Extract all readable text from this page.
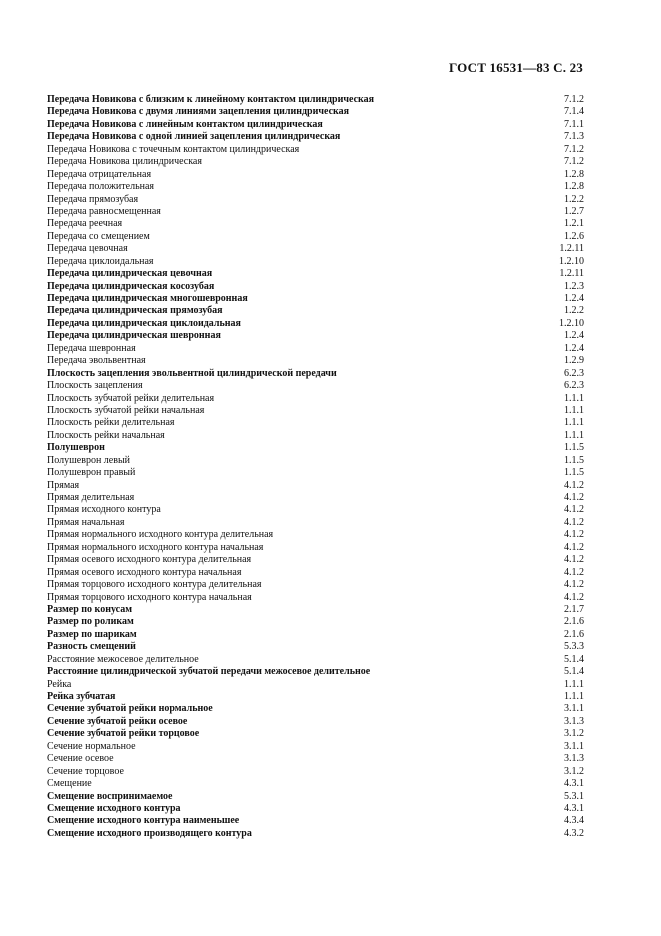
ГОСТ 16531—83 С. 23
Передача Новикова с близким к линейному контактом цилиндрическая	7.1.2
Передача Новикова с двумя линиями зацепления цилиндрическая	7.1.4
Передача Новикова с линейным контактом цилиндрическая	7.1.1
Передача Новикова с одной линией зацепления цилиндрическая	7.1.3
Передача Новикова с точечным контактом цилиндрическая	7.1.2
Передача Новикова цилиндрическая	7.1.2
Передача отрицательная	1.2.8
Передача положительная	1.2.8
Передача прямозубая	1.2.2
Передача равносмещенная	1.2.7
Передача реечная	1.2.1
Передача со смещением	1.2.6
Передача цевочная	1.2.11
Передача циклоидальная	1.2.10
Передача цилиндрическая цевочная	1.2.11
Передача цилиндрическая косозубая	1.2.3
Передача цилиндрическая многошевронная	1.2.4
Передача цилиндрическая прямозубая	1.2.2
Передача цилиндрическая циклоидальная	1.2.10
Передача цилиндрическая шевронная	1.2.4
Передача шевронная	1.2.4
Передача эвольвентная	1.2.9
Плоскость зацепления эвольвентной цилиндрической передачи	6.2.3
Плоскость зацепления	6.2.3
Плоскость зубчатой рейки делительная	1.1.1
Плоскость зубчатой рейки начальная	1.1.1
Плоскость рейки делительная	1.1.1
Плоскость рейки начальная	1.1.1
Полушеврон	1.1.5
Полушеврон левый	1.1.5
Полушеврон правый	1.1.5
Прямая	4.1.2
Прямая делительная	4.1.2
Прямая исходного контура	4.1.2
Прямая начальная	4.1.2
Прямая нормального исходного контура делительная	4.1.2
Прямая нормального исходного контура начальная	4.1.2
Прямая осевого исходного контура делительная	4.1.2
Прямая осевого исходного контура начальная	4.1.2
Прямая торцового исходного контура делительная	4.1.2
Прямая торцового исходного контура начальная	4.1.2
Размер по конусам	2.1.7
Размер по роликам	2.1.6
Размер по шарикам	2.1.6
Разность смещений	5.3.3
Расстояние межосевое делительное	5.1.4
Расстояние цилиндрической зубчатой передачи межосевое делительное	5.1.4
Рейка	1.1.1
Рейка зубчатая	1.1.1
Сечение зубчатой рейки нормальное	3.1.1
Сечение зубчатой рейки осевое	3.1.3
Сечение зубчатой рейки торцовое	3.1.2
Сечение нормальное	3.1.1
Сечение осевое	3.1.3
Сечение торцовое	3.1.2
Смещение	4.3.1
Смещение воспринимаемое	5.3.1
Смещение исходного контура	4.3.1
Смещение исходного контура наименьшее	4.3.4
Смещение исходного производящего контура	4.3.2
